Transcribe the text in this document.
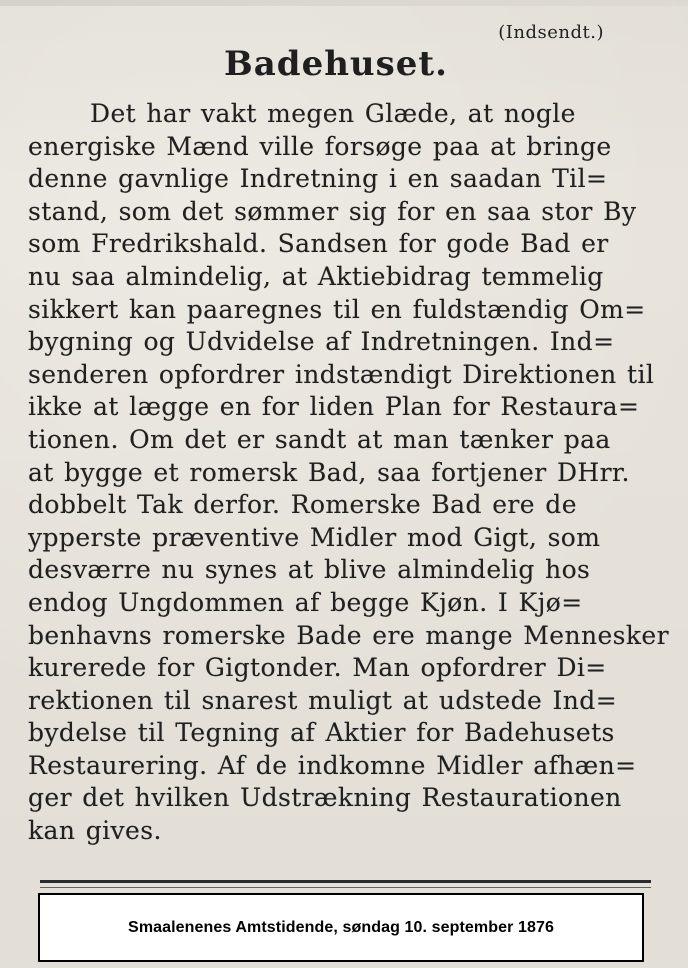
(Indsendt.)
Badehuset.
Det har vakt megen Glæde, at nogle
energiske Mænd ville forsøge paa at bringe
denne gavnlige Indretning i en saadan Til=
stand, som det sømmer sig for en saa stor By
som Fredrikshald. Sandsen for gode Bad er
nu saa almindelig, at Aktiebidrag temmelig
sikkert kan paaregnes til en fuldstændig Om=
bygning og Udvidelse af Indretningen. Ind=
senderen opfordrer indstændigt Direktionen til
ikke at lægge en for liden Plan for Restaura=
tionen. Om det er sandt at man tænker paa
at bygge et romersk Bad, saa fortjener DHrr.
dobbelt Tak derfor. Romerske Bad ere de
ypperste præventive Midler mod Gigt, som
desværre nu synes at blive almindelig hos
endog Ungdommen af begge Kjøn. I Kjø=
benhavns romerske Bade ere mange Mennesker
kurerede for Gigtonder. Man opfordrer Di=
rektionen til snarest muligt at udstede Ind=
bydelse til Tegning af Aktier for Badehusets
Restaurering. Af de indkomne Midler afhæn=
ger det hvilken Udstrækning Restaurationen
kan gives.
Smaalenenes Amtstidende, søndag 10. september 1876
